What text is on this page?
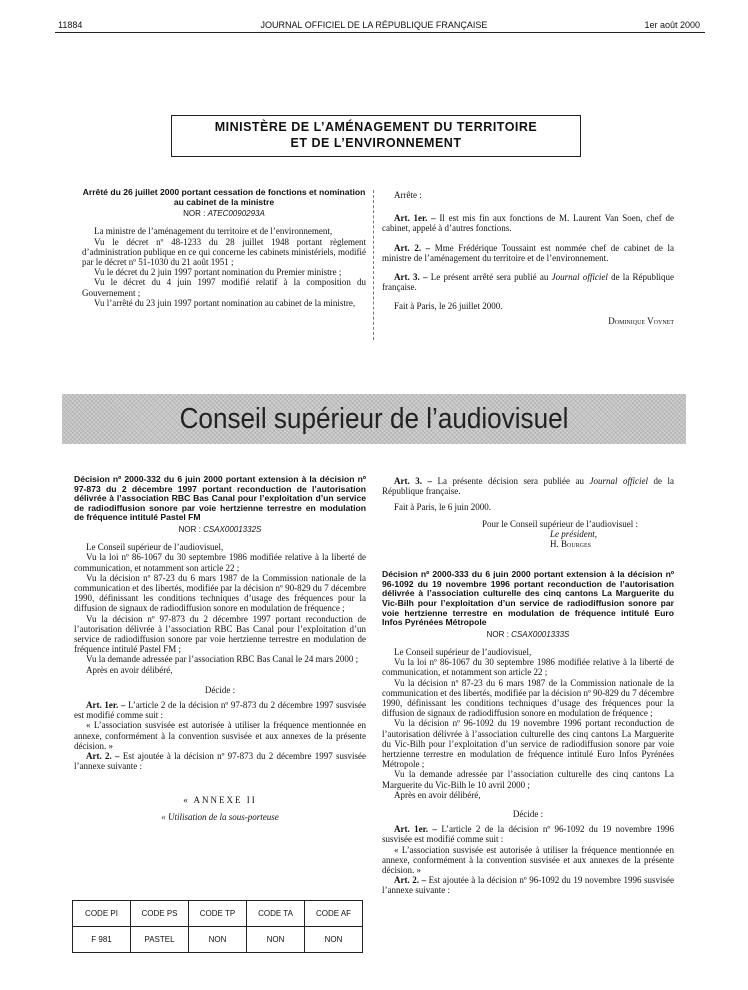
11884	JOURNAL OFFICIEL DE LA RÉPUBLIQUE FRANÇAISE	1er août 2000
MINISTÈRE DE L’AMÉNAGEMENT DU TERRITOIRE
ET DE L’ENVIRONNEMENT
Arrêté du 26 juillet 2000 portant cessation de fonctions et nomination au cabinet de la ministre
NOR : ATEC0090293A

La ministre de l’aménagement du territoire et de l’environnement,

Vu le décret nº 48-1233 du 28 juillet 1948 portant règlement d’administration publique en ce qui concerne les cabinets ministériels, modifié par le décret nº 51-1030 du 21 août 1951 ;

Vu le décret du 2 juin 1997 portant nomination du Premier ministre ;

Vu le décret du 4 juin 1997 modifié relatif à la composition du Gouvernement ;

Vu l’arrêté du 23 juin 1997 portant nomination au cabinet de la ministre,

Arrête :

Art. 1er. – Il est mis fin aux fonctions de M. Laurent Van Soen, chef de cabinet, appelé à d’autres fonctions.

Art. 2. – Mme Frédérique Toussaint est nommée chef de cabinet de la ministre de l’aménagement du territoire et de l’environnement.

Art. 3. – Le présent arrêté sera publié au Journal officiel de la République française.

Fait à Paris, le 26 juillet 2000.

Dominique Voynet
Conseil supérieur de l’audiovisuel
Décision nº 2000-332 du 6 juin 2000 portant extension à la décision nº 97-873 du 2 décembre 1997 portant reconduction de l’autorisation délivrée à l’association RBC Bas Canal pour l’exploitation d’un service de radiodiffusion sonore par voie hertzienne terrestre en modulation de fréquence intitulé Pastel FM
NOR : CSAX0001332S

Le Conseil supérieur de l’audiovisuel,

Vu la loi nº 86-1067 du 30 septembre 1986 modifiée relative à la liberté de communication, et notamment son article 22 ;

Vu la décision nº 87-23 du 6 mars 1987 de la Commission nationale de la communication et des libertés, modifiée par la décision nº 90-829 du 7 décembre 1990, définissant les conditions techniques d’usage des fréquences pour la diffusion de signaux de radiodiffusion sonore en modulation de fréquence ;

Vu la décision nº 97-873 du 2 décembre 1997 portant reconduction de l’autorisation délivrée à l’association RBC Bas Canal pour l’exploitation d’un service de radiodiffusion sonore par voie hertzienne terrestre en modulation de fréquence intitulé Pastel FM ;

Vu la demande adressée par l’association RBC Bas Canal le 24 mars 2000 ;

Après en avoir délibéré,

Décide :

Art. 1er. – L’article 2 de la décision nº 97-873 du 2 décembre 1997 susvisée est modifié comme suit :

« L’association susvisée est autorisée à utiliser la fréquence mentionnée en annexe, conformément à la convention susvisée et aux annexes de la présente décision. »

Art. 2. – Est ajoutée à la décision nº 97-873 du 2 décembre 1997 susvisée l’annexe suivante :

« ANNEXE II
« Utilisation de la sous-porteuse
CODE PI	CODE PS	CODE TP	CODE TA	CODE AF
F 981	PASTEL	NON	NON	NON

Art. 3. – La présente décision sera publiée au Journal officiel de la République française.

Fait à Paris, le 6 juin 2000.

Pour le Conseil supérieur de l’audiovisuel :
Le président,
H. Bourges
Décision nº 2000-333 du 6 juin 2000 portant extension à la décision nº 96-1092 du 19 novembre 1996 portant reconduction de l’autorisation délivrée à l’association culturelle des cinq cantons La Marguerite du Vic-Bilh pour l’exploitation d’un service de radiodiffusion sonore par voie hertzienne terrestre en modulation de fréquence intitulé Euro Infos Pyrénées Métropole
NOR : CSAX0001333S

Le Conseil supérieur de l’audiovisuel,

Vu la loi nº 86-1067 du 30 septembre 1986 modifiée relative à la liberté de communication, et notamment son article 22 ;

Vu la décision nº 87-23 du 6 mars 1987 de la Commission nationale de la communication et des libertés, modifiée par la décision nº 90-829 du 7 décembre 1990, définissant les conditions techniques d’usage des fréquences pour la diffusion de signaux de radiodiffusion sonore en modulation de fréquence ;

Vu la décision nº 96-1092 du 19 novembre 1996 portant reconduction de l’autorisation délivrée à l’association culturelle des cinq cantons La Marguerite du Vic-Bilh pour l’exploitation d’un service de radiodiffusion sonore par voie hertzienne terrestre en modulation de fréquence intitulé Euro Infos Pyrénées Métropole ;

Vu la demande adressée par l’association culturelle des cinq cantons La Marguerite du Vic-Bilh le 10 avril 2000 ;

Après en avoir délibéré,

Décide :

Art. 1er. – L’article 2 de la décision nº 96-1092 du 19 novembre 1996 susvisée est modifié comme suit :

« L’association susvisée est autorisée à utiliser la fréquence mentionnée en annexe, conformément à la convention susvisée et aux annexes de la présente décision. »

Art. 2. – Est ajoutée à la décision nº 96-1092 du 19 novembre 1996 susvisée l’annexe suivante :
